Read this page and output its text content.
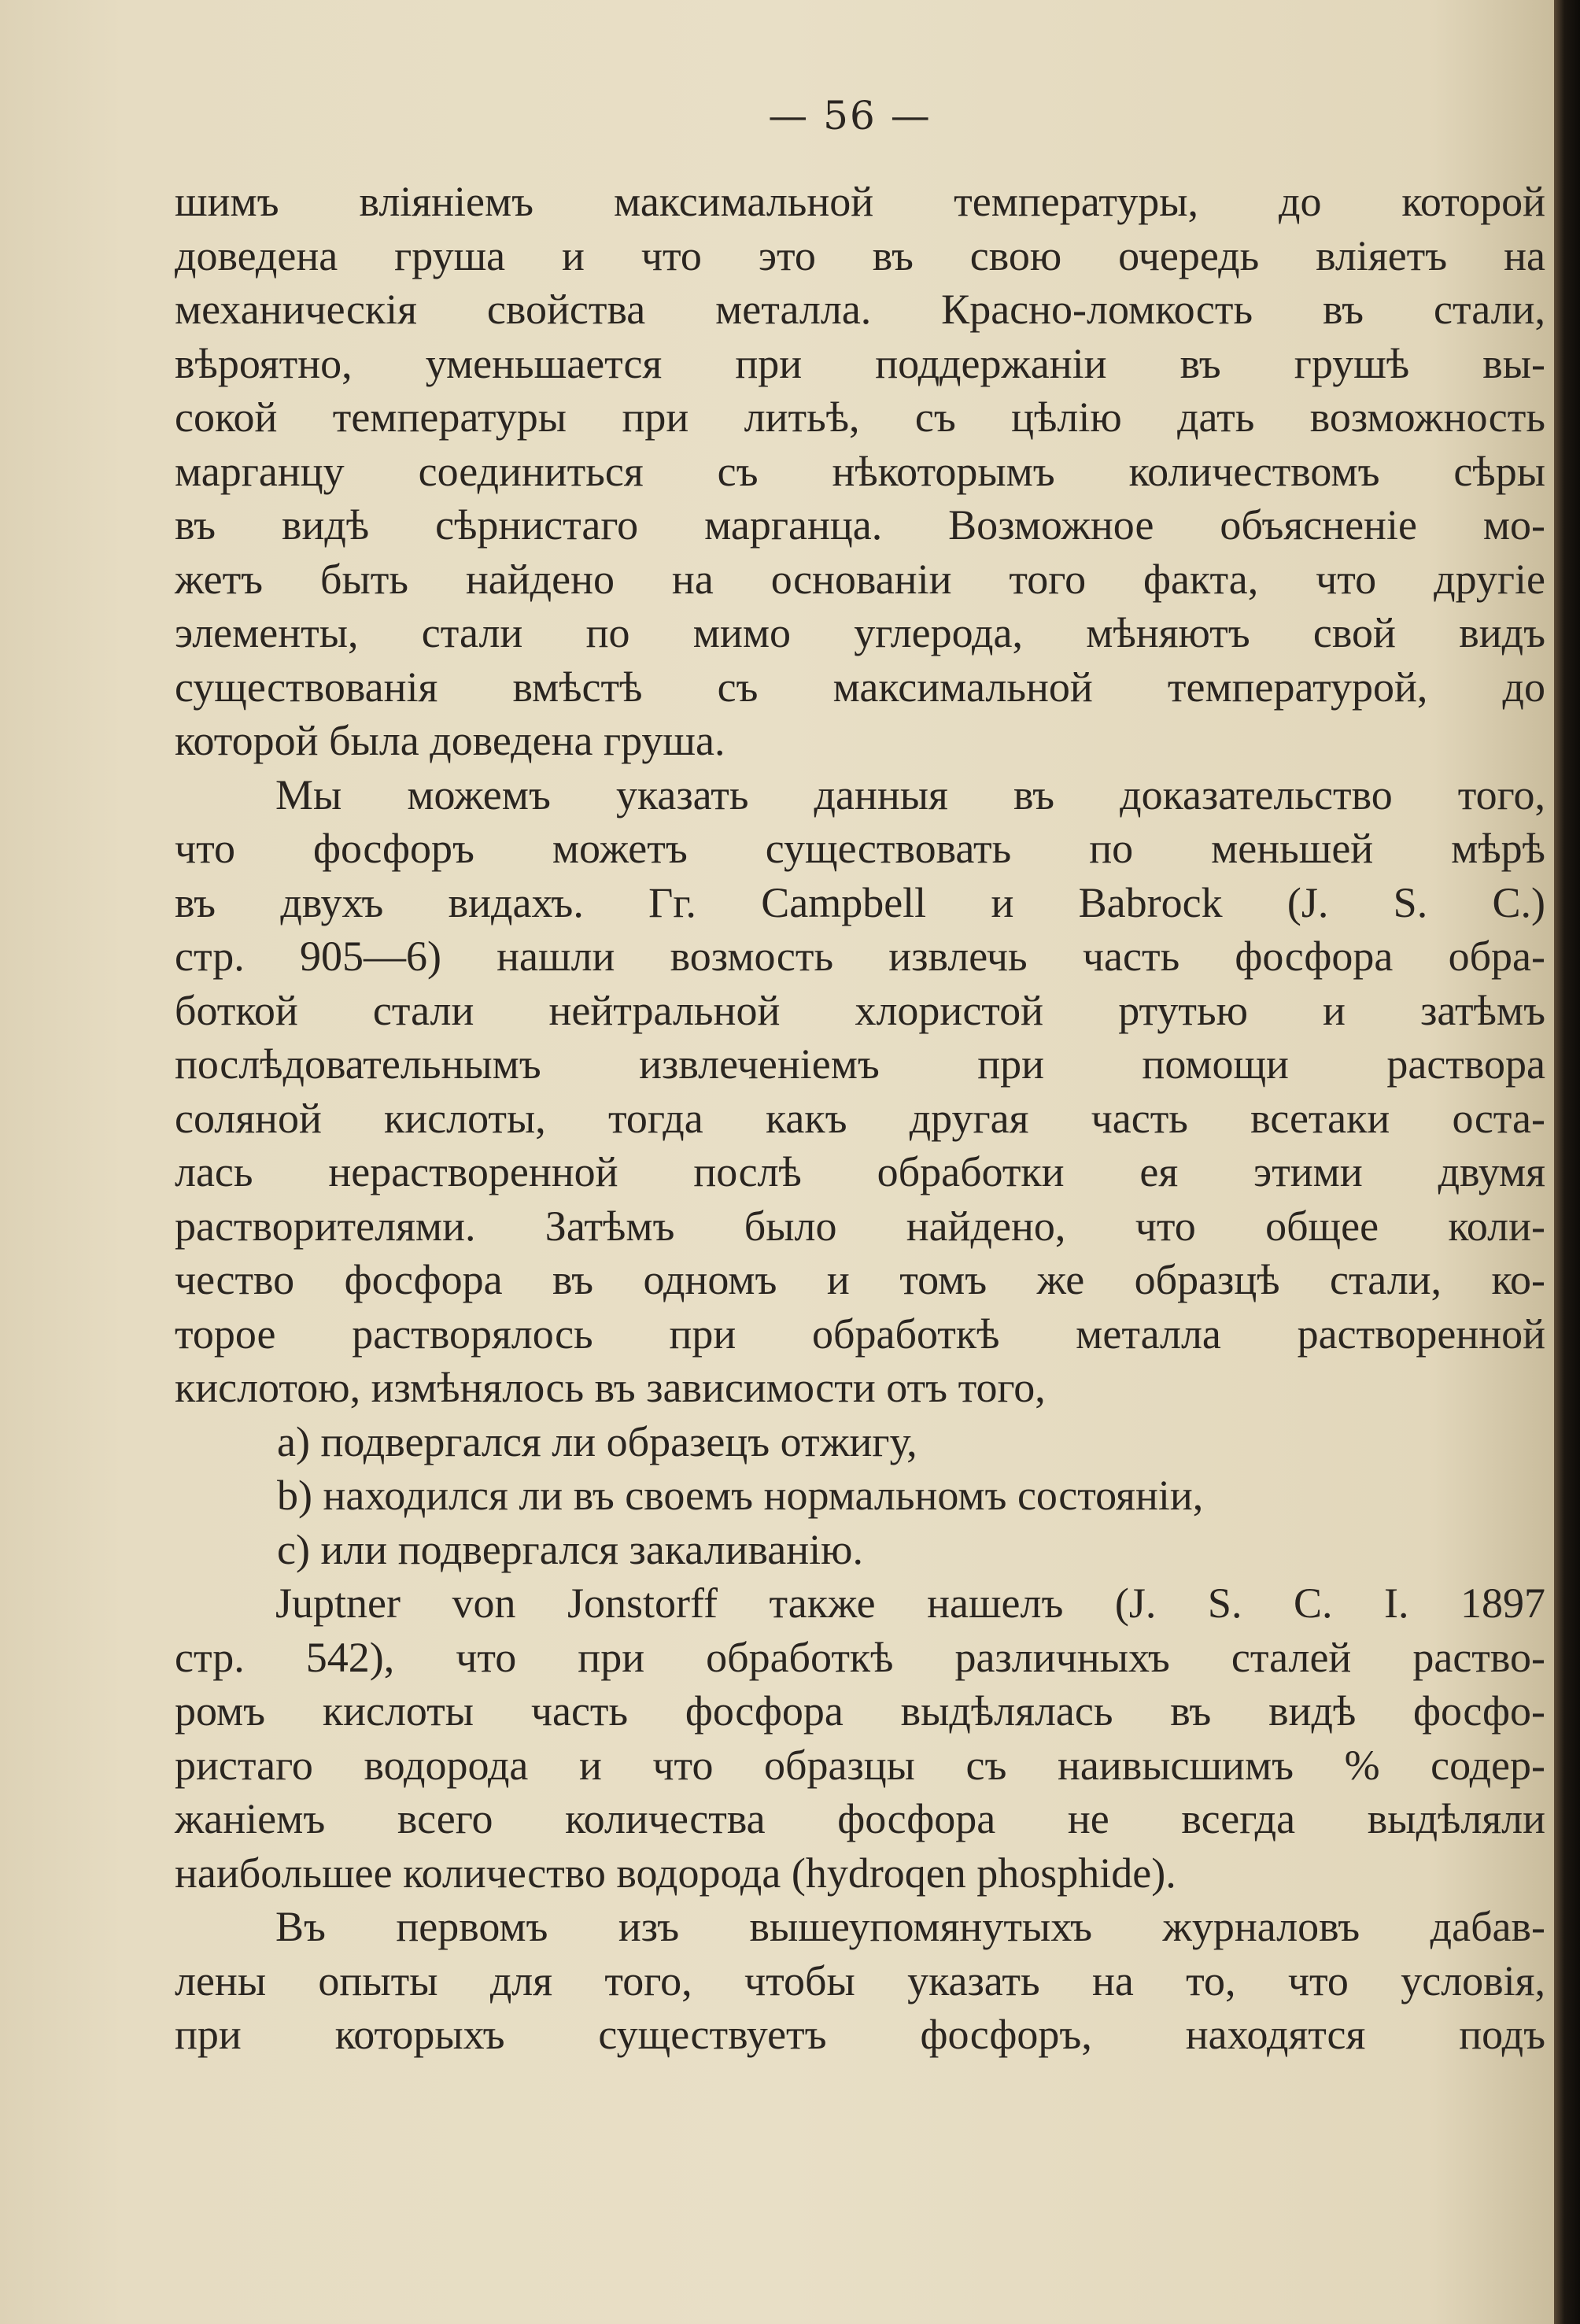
— 56 —
шимъ вліяніемъ максимальной температуры, до которой
доведена груша и что это въ свою очередь вліяетъ на
механическія свойства металла. Красно-ломкость въ стали,
вѣроятно, уменьшается при поддержаніи въ грушѣ вы-
сокой температуры при литьѣ, съ цѣлію дать возможность
марганцу соединиться съ нѣкоторымъ количествомъ сѣры
въ видѣ сѣрнистаго марганца. Возможное объясненіе мо-
жетъ быть найдено на основаніи того факта, что другіе
элементы, стали по мимо углерода, мѣняютъ свой видъ
существованія вмѣстѣ съ максимальной температурой, до
которой была доведена груша.
Мы можемъ указать данныя въ доказательство того,
что фосфоръ можетъ существовать по меньшей мѣрѣ
въ двухъ видахъ. Гг. Campbell и Babrock (J. S. C.)
стр. 905—6) нашли возмость извлечь часть фосфора обра-
боткой стали нейтральной хлористой ртутью и затѣмъ
послѣдовательнымъ извлеченіемъ при помощи раствора
соляной кислоты, тогда какъ другая часть всетаки оста-
лась нерастворенной послѣ обработки ея этими двумя
растворителями. Затѣмъ было найдено, что общее коли-
чество фосфора въ одномъ и томъ же образцѣ стали, ко-
торое растворялось при обработкѣ металла растворенной
кислотою, измѣнялось въ зависимости отъ того,
a) подвергался ли образецъ отжигу,
b) находился ли въ своемъ нормальномъ состояніи,
c) или подвергался закаливанію.
Juptner von Jonstorff также нашелъ (J. S. C. I. 1897
стр. 542), что при обработкѣ различныхъ сталей раство-
ромъ кислоты часть фосфора выдѣлялась въ видѣ фосфо-
ристаго водорода и что образцы съ наивысшимъ % содер-
жаніемъ всего количества фосфора не всегда выдѣляли
наибольшее количество водорода (hydroqen phosphide).
Въ первомъ изъ вышеупомянутыхъ журналовъ дабав-
лены опыты для того, чтобы указать на то, что условія,
при которыхъ существуетъ фосфоръ, находятся подъ
